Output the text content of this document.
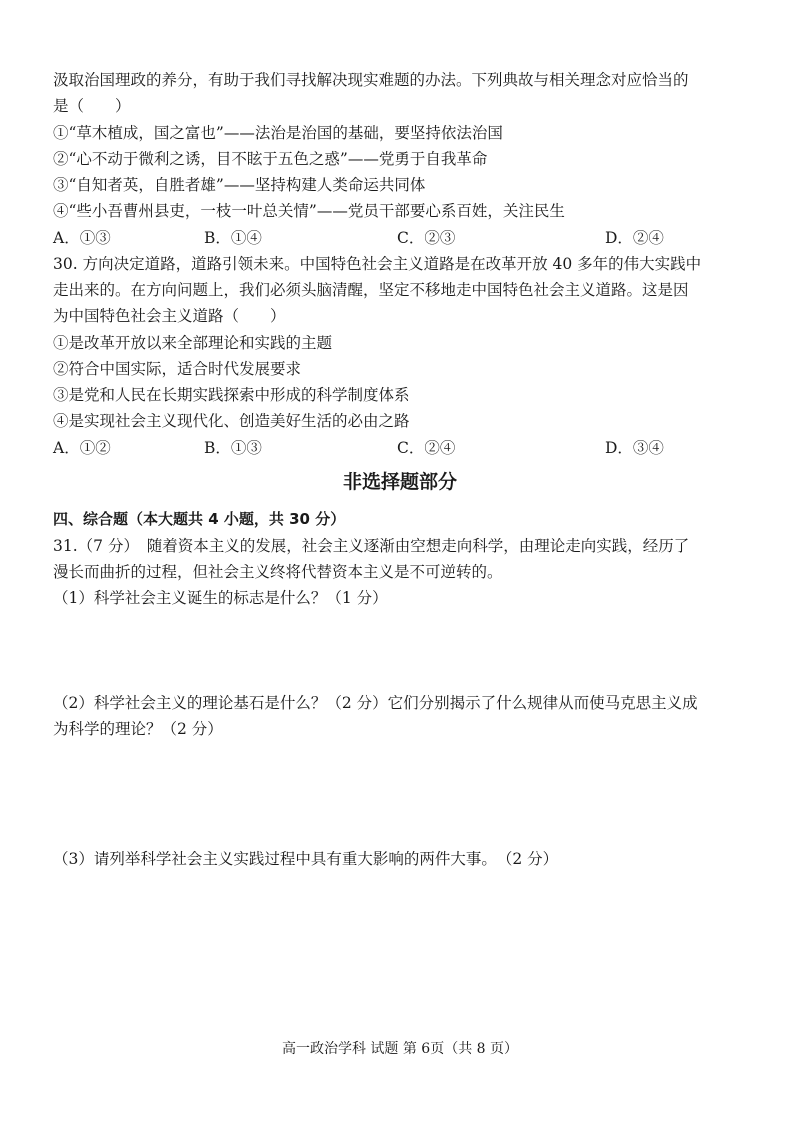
汲取治国理政的养分，有助于我们寻找解决现实难题的办法。下列典故与相关理念对应恰当的
是（　　）
①“草木植成，国之富也”——法治是治国的基础，要坚持依法治国
②“心不动于微利之诱，目不眩于五色之惑”——党勇于自我革命
③“自知者英，自胜者雄”——坚持构建人类命运共同体
④“些小吾曹州县吏，一枝一叶总关情”——党员干部要心系百姓，关注民生
A．①③	B．①④	C．②③	D．②④
30. 方向决定道路，道路引领未来。中国特色社会主义道路是在改革开放 40 多年的伟大实践中
走出来的。在方向问题上，我们必须头脑清醒，坚定不移地走中国特色社会主义道路。这是因
为中国特色社会主义道路（　　）
①是改革开放以来全部理论和实践的主题
②符合中国实际，适合时代发展要求
③是党和人民在长期实践探索中形成的科学制度体系
④是实现社会主义现代化、创造美好生活的必由之路
A．①②	B．①③	C．②④	D．③④
非选择题部分
四、综合题（本大题共 4 小题，共 30 分）
31.（7 分）　随着资本主义的发展，社会主义逐渐由空想走向科学，由理论走向实践，经历了
漫长而曲折的过程，但社会主义终将代替资本主义是不可逆转的。
（1）科学社会主义诞生的标志是什么？（1 分）
（2）科学社会主义的理论基石是什么？（2 分）它们分别揭示了什么规律从而使马克思主义成
为科学的理论？（2 分）
（3）请列举科学社会主义实践过程中具有重大影响的两件大事。　（2 分）
高一政治学科 试题 第 6页（共 8 页）
